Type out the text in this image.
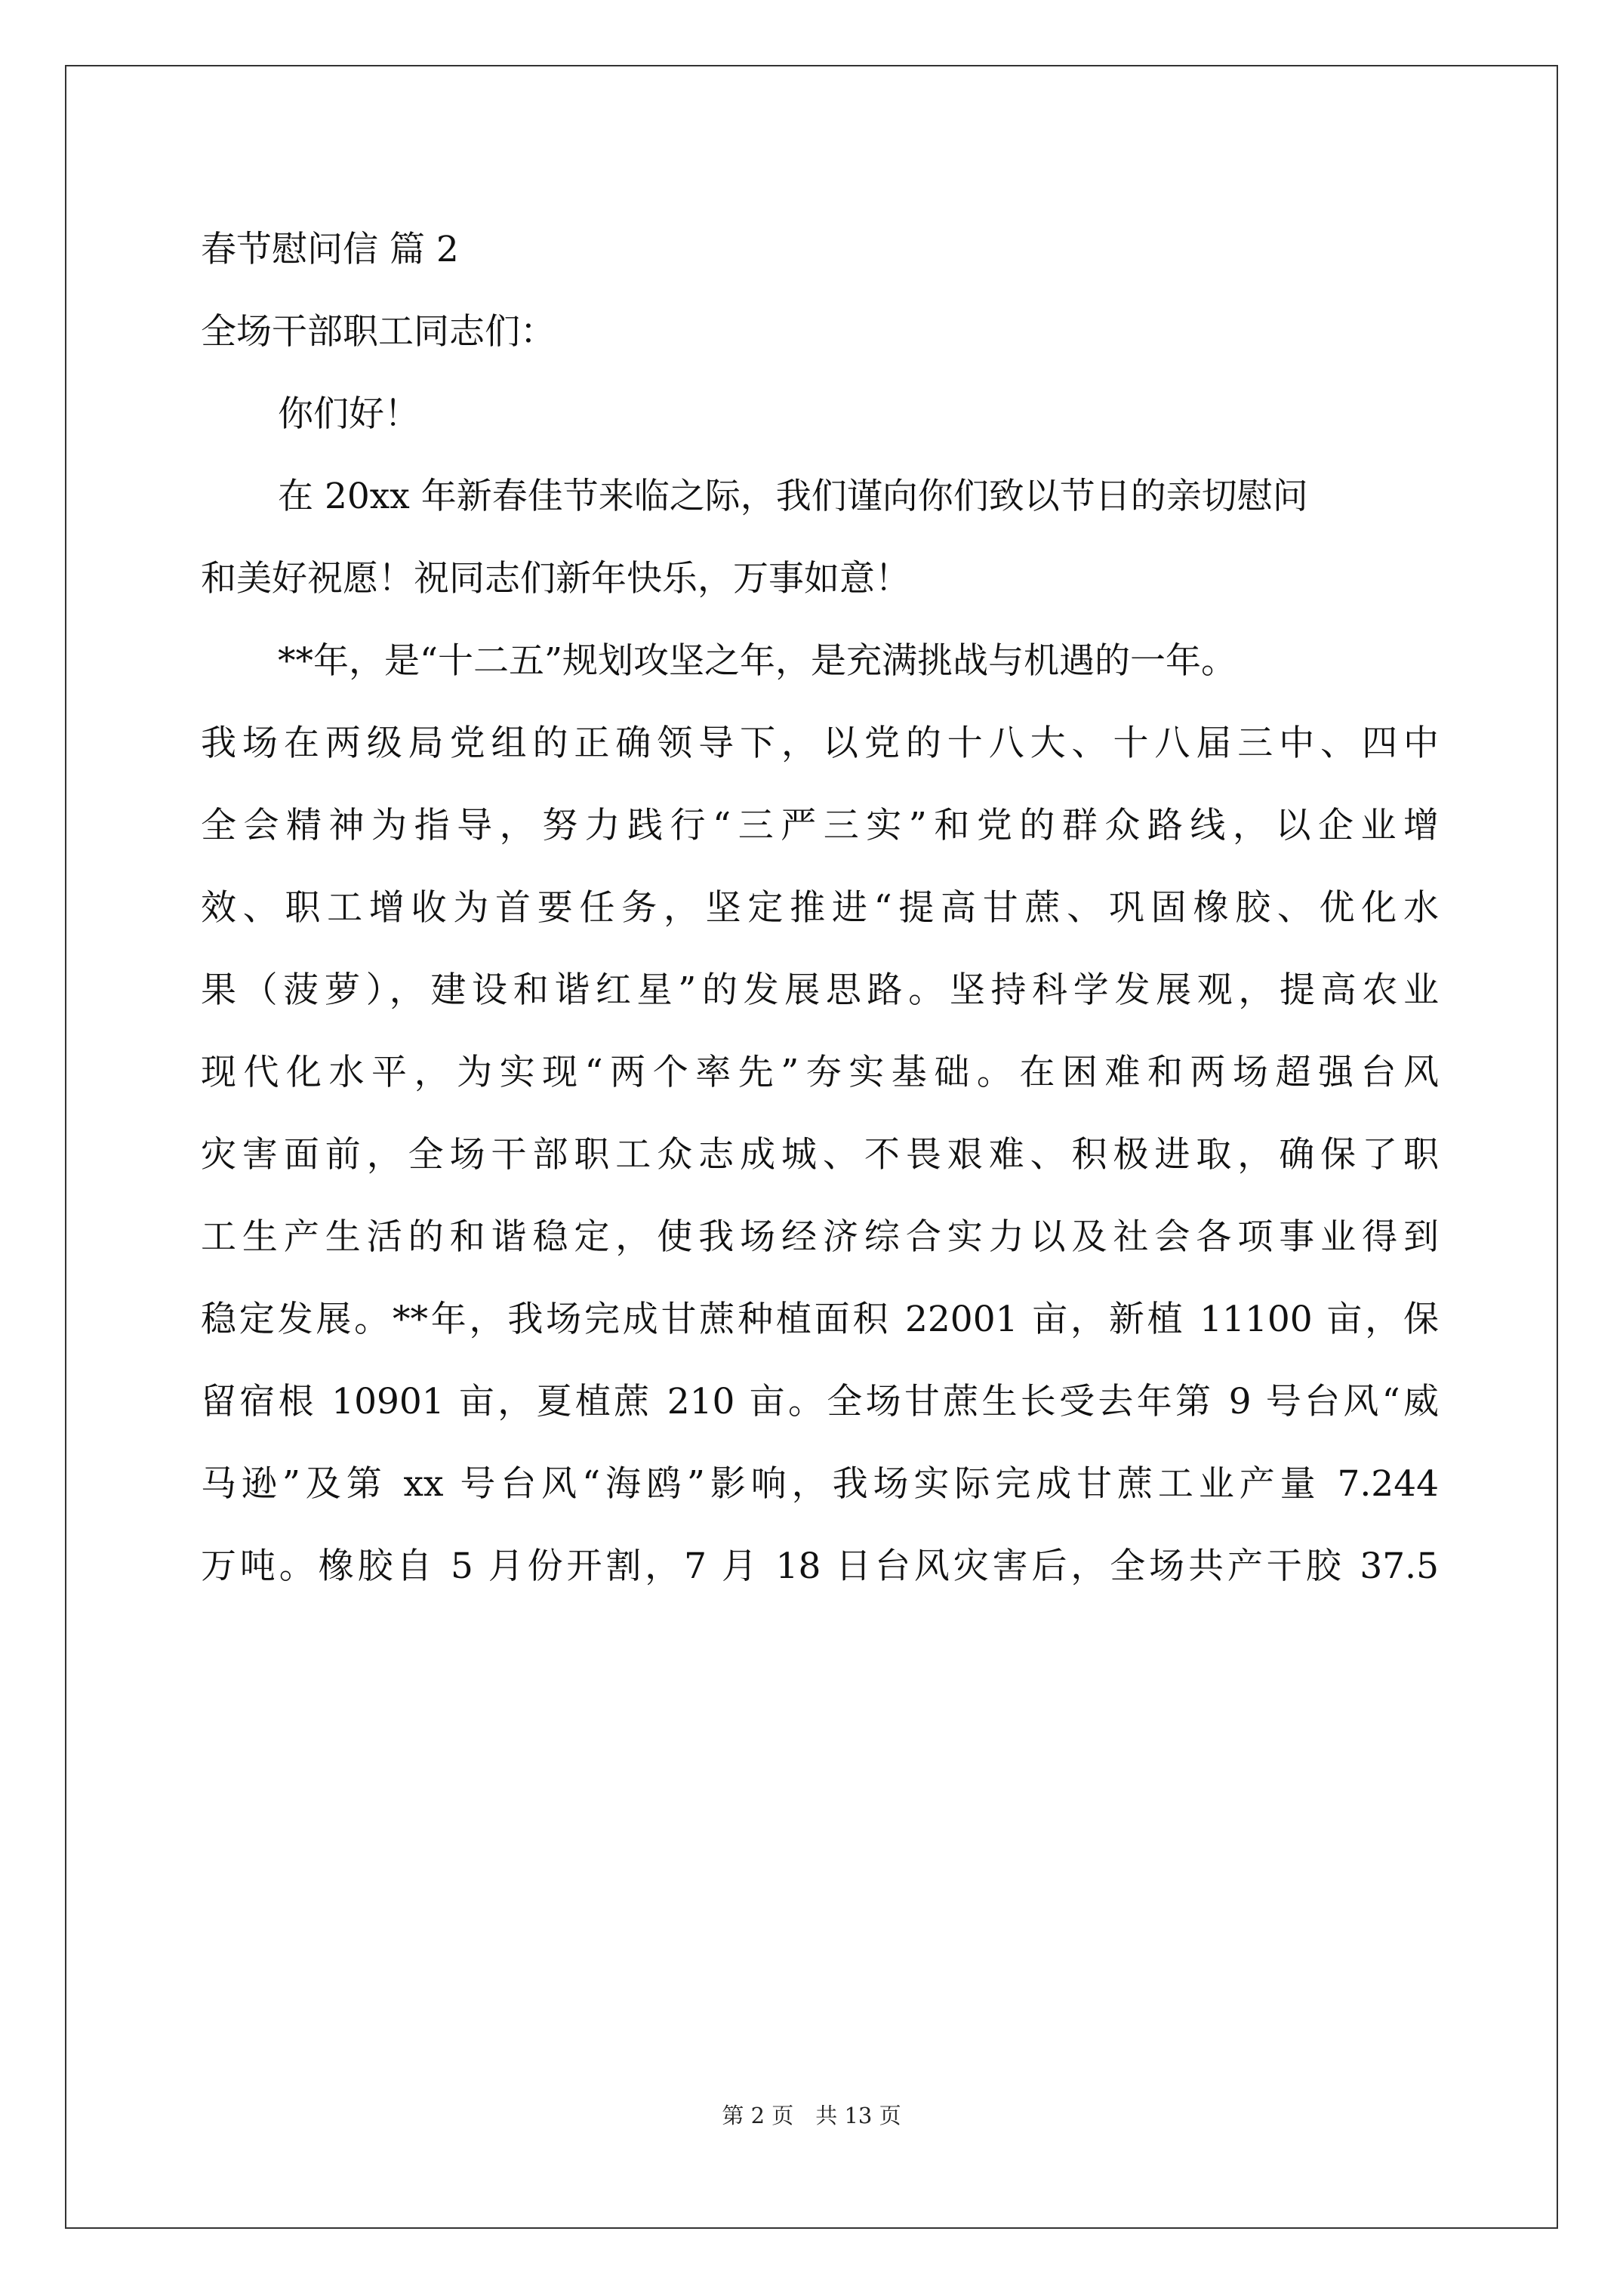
春节慰问信 篇 2
全场干部职工同志们：
你们好！
在 20xx 年新春佳节来临之际，我们谨向你们致以节日的亲切慰问
和美好祝愿！祝同志们新年快乐，万事如意！
**年，是“十二五”规划攻坚之年，是充满挑战与机遇的一年。
我场在两级局党组的正确领导下，以党的十八大、十八届三中、四中
全会精神为指导，努力践行“三严三实”和党的群众路线，以企业增
效、职工增收为首要任务，坚定推进“提高甘蔗、巩固橡胶、优化水
果（菠萝），建设和谐红星”的发展思路。坚持科学发展观，提高农业
现代化水平，为实现“两个率先”夯实基础。在困难和两场超强台风
灾害面前，全场干部职工众志成城、不畏艰难、积极进取，确保了职
工生产生活的和谐稳定，使我场经济综合实力以及社会各项事业得到
稳定发展。**年，我场完成甘蔗种植面积 22001 亩，新植 11100 亩，保
留宿根 10901 亩，夏植蔗 210 亩。全场甘蔗生长受去年第 9 号台风“威
马逊”及第 xx 号台风“海鸥”影响，我场实际完成甘蔗工业产量 7.244
万吨。橡胶自 5 月份开割，7 月 18 日台风灾害后，全场共产干胶 37.5
第 2 页　共 13 页
